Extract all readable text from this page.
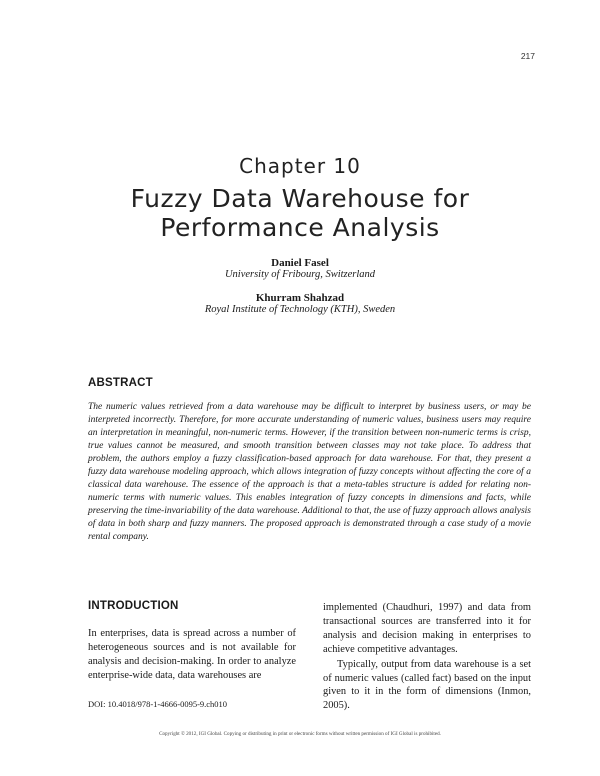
217
Chapter 10
Fuzzy Data Warehouse for Performance Analysis
Daniel Fasel
University of Fribourg, Switzerland
Khurram Shahzad
Royal Institute of Technology (KTH), Sweden
ABSTRACT
The numeric values retrieved from a data warehouse may be difficult to interpret by business users, or may be interpreted incorrectly. Therefore, for more accurate understanding of numeric values, business users may require an interpretation in meaningful, non-numeric terms. However, if the transition between non-numeric terms is crisp, true values cannot be measured, and smooth transition between classes may not take place. To address that problem, the authors employ a fuzzy classification-based approach for data warehouse. For that, they present a fuzzy data warehouse modeling approach, which allows integration of fuzzy concepts without affecting the core of a classical data warehouse. The essence of the approach is that a meta-tables structure is added for relating non-numeric terms with numeric values. This enables integration of fuzzy concepts in dimensions and facts, while preserving the time-invariability of the data warehouse. Additional to that, the use of fuzzy approach allows analysis of data in both sharp and fuzzy manners. The proposed approach is demonstrated through a case study of a movie rental company.
INTRODUCTION
In enterprises, data is spread across a number of heterogeneous sources and is not available for analysis and decision-making. In order to analyze enterprise-wide data, data warehouses are

implemented (Chaudhuri, 1997) and data from transactional sources are transferred into it for analysis and decision making in enterprises to achieve competitive advantages.

Typically, output from data warehouse is a set of numeric values (called fact) based on the input given to it in the form of dimensions (Inmon, 2005).

DOI: 10.4018/978-1-4666-0095-9.ch010
Copyright © 2012, IGI Global. Copying or distributing in print or electronic forms without written permission of IGI Global is prohibited.
